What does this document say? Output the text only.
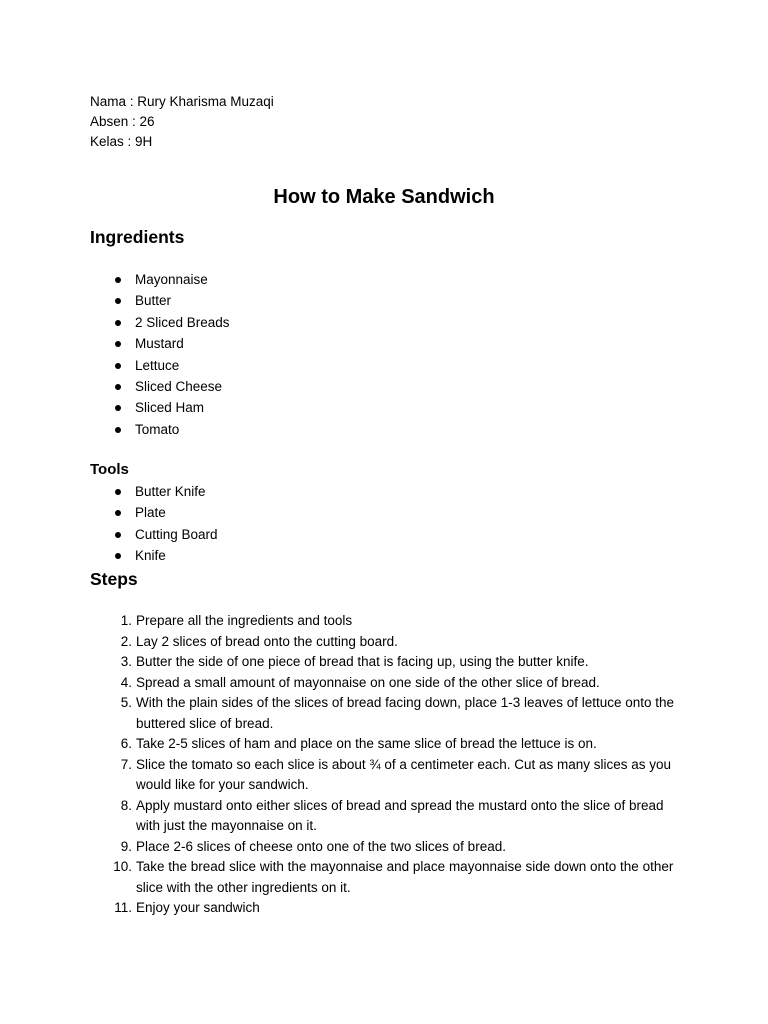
Nama : Rury Kharisma Muzaqi
Absen : 26
Kelas : 9H
How to Make Sandwich
Ingredients
Mayonnaise
Butter
2 Sliced Breads
Mustard
Lettuce
Sliced Cheese
Sliced Ham
Tomato
Tools
Butter Knife
Plate
Cutting Board
Knife
Steps
1. Prepare all the ingredients and tools
2. Lay 2 slices of bread onto the cutting board.
3. Butter the side of one piece of bread that is facing up, using the butter knife.
4. Spread a small amount of mayonnaise on one side of the other slice of bread.
5. With the plain sides of the slices of bread facing down, place 1-3 leaves of lettuce onto the buttered slice of bread.
6. Take 2-5 slices of ham and place on the same slice of bread the lettuce is on.
7. Slice the tomato so each slice is about ¾ of a centimeter each. Cut as many slices as you would like for your sandwich.
8. Apply mustard onto either slices of bread and spread the mustard onto the slice of bread with just the mayonnaise on it.
9. Place 2-6 slices of cheese onto one of the two slices of bread.
10. Take the bread slice with the mayonnaise and place mayonnaise side down onto the other slice with the other ingredients on it.
11. Enjoy your sandwich
